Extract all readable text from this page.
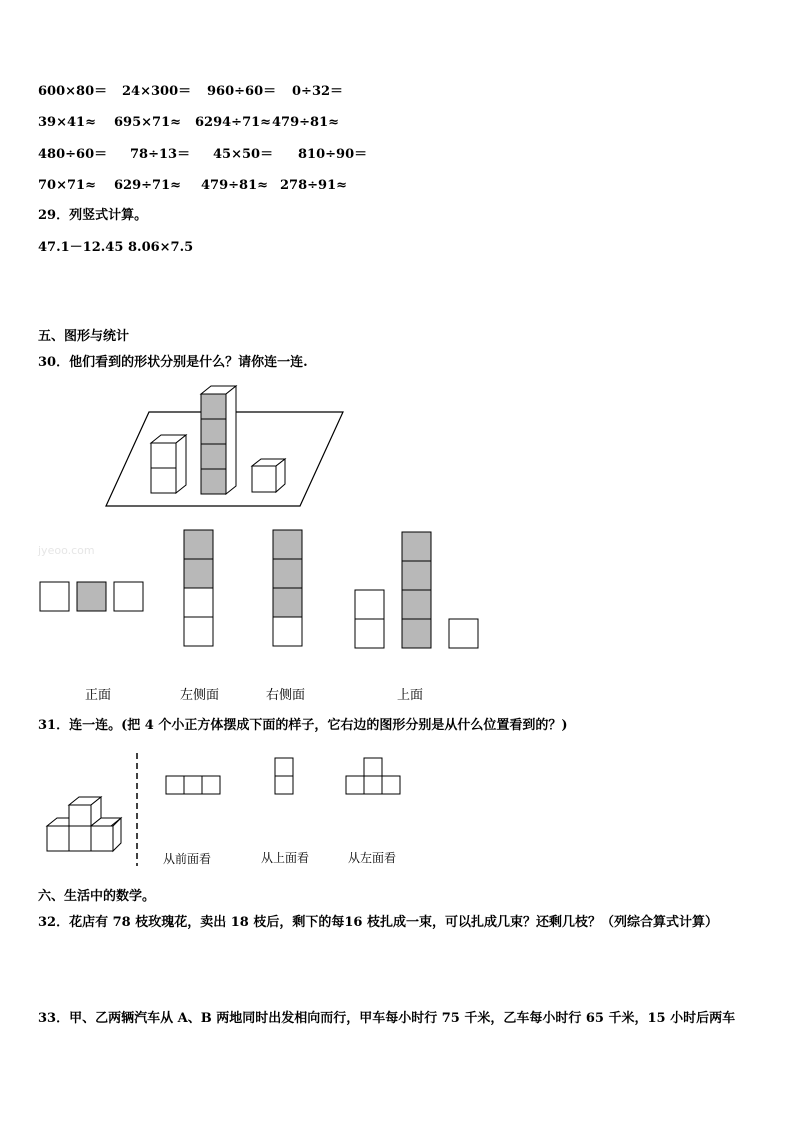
600×80＝ 24×300＝ 960÷60＝ 0÷32＝
39×41≈ 695×71≈ 6294÷71≈ 479÷81≈
480÷60＝ 78÷13＝ 45×50＝ 810÷90＝
70×71≈ 629÷71≈ 479÷81≈ 278÷91≈
29．列竖式计算。
47.1－12.45 8.06×7.5
五、图形与统计
30．他们看到的形状分别是什么？请你连一连.
jyeoo.com
正面	左侧面	右侧面	上面
31．连一连。(把 4 个小正方体摆成下面的样子，它右边的图形分别是从什么位置看到的？)
从前面看	从上面看	从左面看
六、生活中的数学。
32．花店有 78 枝玫瑰花，卖出 18 枝后，剩下的每16 枝扎成一束，可以扎成几束？还剩几枝？（列综合算式计算）
33．甲、乙两辆汽车从 A、B 两地同时出发相向而行，甲车每小时行 75 千米，乙车每小时行 65 千米，15 小时后两车
